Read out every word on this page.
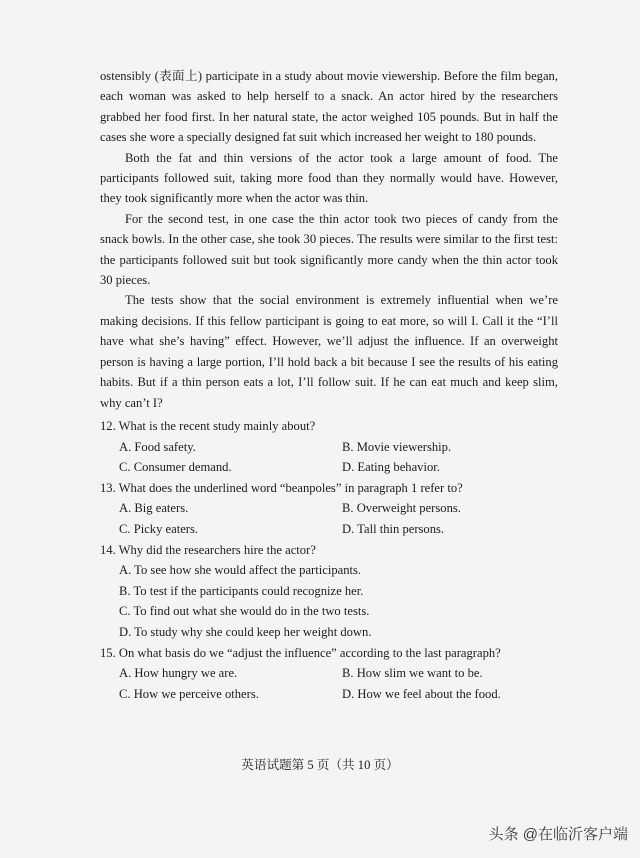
ostensibly (表面上) participate in a study about movie viewership. Before the film began, each woman was asked to help herself to a snack. An actor hired by the researchers grabbed her food first. In her natural state, the actor weighed 105 pounds. But in half the cases she wore a specially designed fat suit which increased her weight to 180 pounds.

Both the fat and thin versions of the actor took a large amount of food. The participants followed suit, taking more food than they normally would have. However, they took significantly more when the actor was thin.

For the second test, in one case the thin actor took two pieces of candy from the snack bowls. In the other case, she took 30 pieces. The results were similar to the first test: the participants followed suit but took significantly more candy when the thin actor took 30 pieces.

The tests show that the social environment is extremely influential when we’re making decisions. If this fellow participant is going to eat more, so will I. Call it the “I’ll have what she’s having” effect. However, we’ll adjust the influence. If an overweight person is having a large portion, I’ll hold back a bit because I see the results of his eating habits. But if a thin person eats a lot, I’ll follow suit. If he can eat much and keep slim, why can’t I?

12. What is the recent study mainly about?

A. Food safety.	B. Movie viewership.
C. Consumer demand.	D. Eating behavior.

13. What does the underlined word “beanpoles” in paragraph 1 refer to?

A. Big eaters.	B. Overweight persons.
C. Picky eaters.	D. Tall thin persons.

14. Why did the researchers hire the actor?

A. To see how she would affect the participants.

B. To test if the participants could recognize her.

C. To find out what she would do in the two tests.

D. To study why she could keep her weight down.

15. On what basis do we “adjust the influence” according to the last paragraph?

A. How hungry we are.	B. How slim we want to be.
C. How we perceive others.	D. How we feel about the food.
英语试题第 5 页（共 10 页）
头条 @在临沂客户端
